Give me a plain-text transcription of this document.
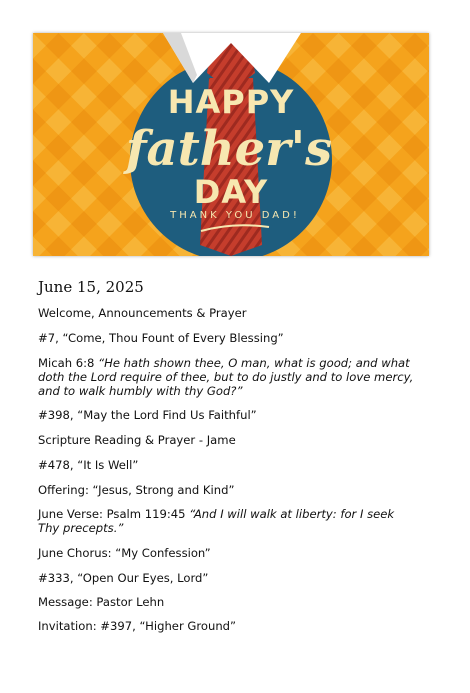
HAPPY
father's
DAY
THANK YOU DAD!
June 15, 2025

Welcome, Announcements & Prayer

#7, “Come, Thou Fount of Every Blessing”

Micah 6:8 “He hath shown thee, O man, what is good; and what doth the Lord require of thee, but to do justly and to love mercy, and to walk humbly with thy God?”

#398, “May the Lord Find Us Faithful”

Scripture Reading & Prayer - Jame

#478, “It Is Well”

Offering: “Jesus, Strong and Kind”

June Verse: Psalm 119:45 “And I will walk at liberty: for I seek Thy precepts.”

June Chorus: “My Confession”

#333, “Open Our Eyes, Lord”

Message: Pastor Lehn

Invitation: #397, “Higher Ground”
